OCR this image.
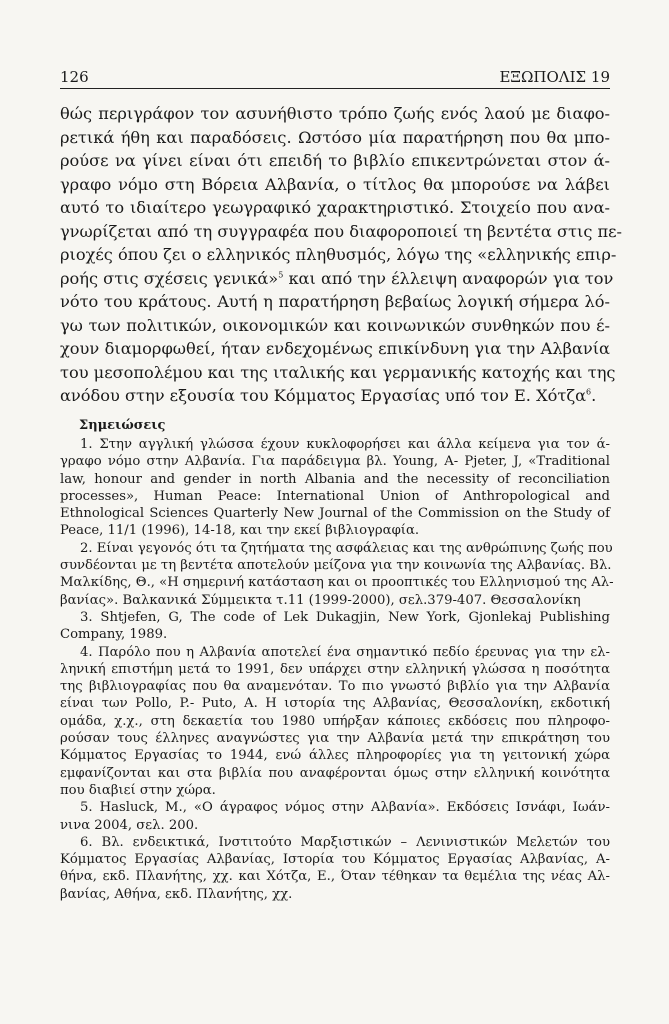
126	ΕΞΩΠΟΛΙΣ 19
θώς περιγράφον τον ασυνήθιστο τρόπο ζωής ενός λαού με διαφο-
ρετικά ήθη και παραδόσεις. Ωστόσο μία παρατήρηση που θα μπο-
ρούσε να γίνει είναι ότι επειδή το βιβλίο επικεντρώνεται στον ά-
γραφο νόμο στη Βόρεια Αλβανία, ο τίτλος θα μπορούσε να λάβει
αυτό το ιδιαίτερο γεωγραφικό χαρακτηριστικό. Στοιχείο που ανα-
γνωρίζεται από τη συγγραφέα που διαφοροποιεί τη βεντέτα στις πε-
ριοχές όπου ζει ο ελληνικός πληθυσμός, λόγω της «ελληνικής επιρ-
ροής στις σχέσεις γενικά»$^5$ και από την έλλειψη αναφορών για τον
νότο του κράτους. Αυτή η παρατήρηση βεβαίως λογική σήμερα λό-
γω των πολιτικών, οικονομικών και κοινωνικών συνθηκών που έ-
χουν διαμορφωθεί, ήταν ενδεχομένως επικίνδυνη για την Αλβανία
του μεσοπολέμου και της ιταλικής και γερμανικής κατοχής και της
ανόδου στην εξουσία του Κόμματος Εργασίας υπό τον Ε. Χότζα$^6$.
Σημειώσεις
1. Στην αγγλική γλώσσα έχουν κυκλοφορήσει και άλλα κείμενα για τον ά-
γραφο νόμο στην Αλβανία. Για παράδειγμα βλ. Young, A- Pjeter, J, «Traditional
law, honour and gender in north Albania and the necessity of reconciliation
processes», Human Peace: International Union of Anthropological and
Ethnological Sciences Quarterly New Journal of the Commission on the Study of
Peace, 11/1 (1996), 14-18, και την εκεί βιβλιογραφία.
2. Είναι γεγονός ότι τα ζητήματα της ασφάλειας και της ανθρώπινης ζωής που
συνδέονται με τη βεντέτα αποτελούν μείζονα για την κοινωνία της Αλβανίας. Βλ.
Μαλκίδης, Θ., «Η σημερινή κατάσταση και οι προοπτικές του Ελληνισμού της Αλ-
βανίας». Βαλκανικά Σύμμεικτα τ.11 (1999-2000), σελ.379-407. Θεσσαλονίκη
3. Shtjefen, G, The code of Lek Dukagjin, New York, Gjonlekaj Publishing
Company, 1989.
4. Παρόλο που η Αλβανία αποτελεί ένα σημαντικό πεδίο έρευνας για την ελ-
ληνική επιστήμη μετά το 1991, δεν υπάρχει στην ελληνική γλώσσα η ποσότητα
της βιβλιογραφίας που θα αναμενόταν. Το πιο γνωστό βιβλίο για την Αλβανία
είναι των Pollo, P.- Puto, A. Η ιστορία της Αλβανίας, Θεσσαλονίκη, εκδοτική
ομάδα, χ.χ., στη δεκαετία του 1980 υπήρξαν κάποιες εκδόσεις που πληροφο-
ρούσαν τους έλληνες αναγνώστες για την Αλβανία μετά την επικράτηση του
Κόμματος Εργασίας το 1944, ενώ άλλες πληροφορίες για τη γειτονική χώρα
εμφανίζονται και στα βιβλία που αναφέρονται όμως στην ελληνική κοινότητα
που διαβιεί στην χώρα.
5. Hasluck, M., «Ο άγραφος νόμος στην Αλβανία». Εκδόσεις Ισνάφι, Ιωάν-
νινα 2004, σελ. 200.
6. Βλ. ενδεικτικά, Ινστιτούτο Μαρξιστικών – Λενινιστικών Μελετών του
Κόμματος Εργασίας Αλβανίας, Ιστορία του Κόμματος Εργασίας Αλβανίας, Α-
θήνα, εκδ. Πλανήτης, χχ. και Χότζα, Ε., Όταν τέθηκαν τα θεμέλια της νέας Αλ-
βανίας, Αθήνα, εκδ. Πλανήτης, χχ.
